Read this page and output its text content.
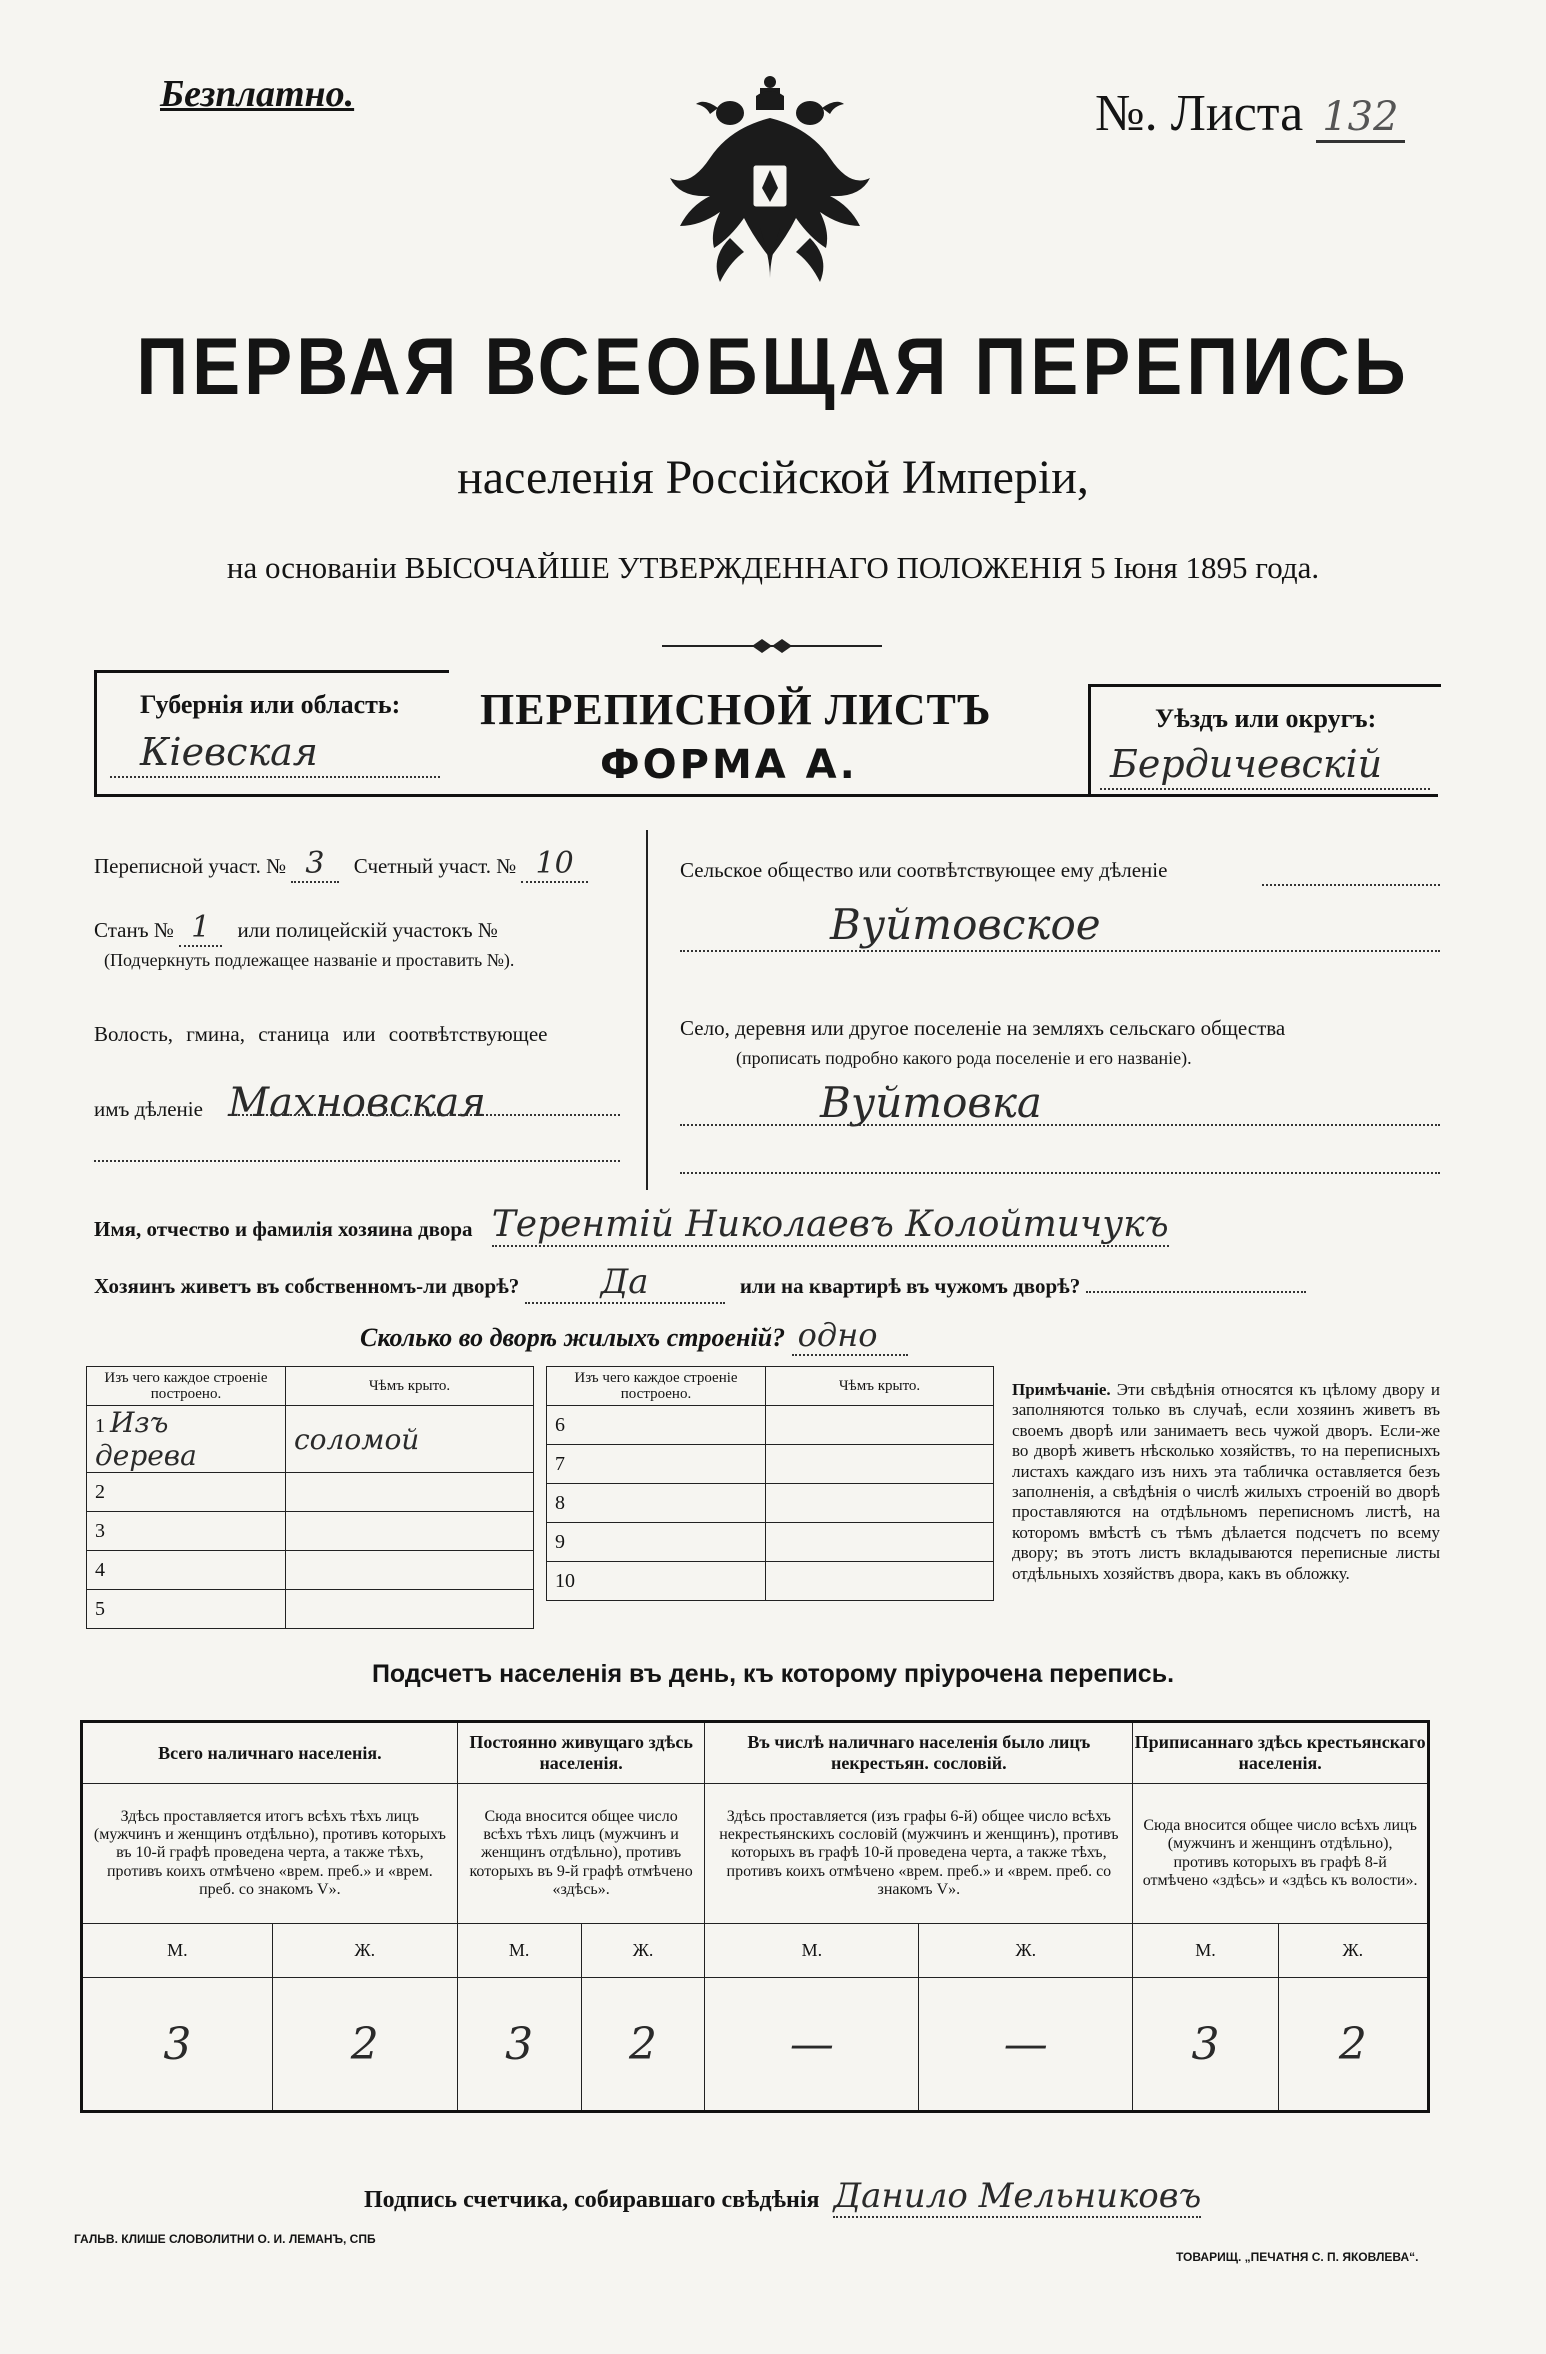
Безплатно.	№. Листа 132
ПЕРВАЯ ВСЕОБЩАЯ ПЕРЕПИСЬ
населенія Россійской Имперіи,
на основаніи ВЫСОЧАЙШЕ УТВЕРЖДЕННАГО ПОЛОЖЕНІЯ 5 Іюня 1895 года.
Губернія или область:
Кіевская
ПЕРЕПИСНОЙ ЛИСТЪ
ФОРМА А.
Уѣздъ или округъ:
Бердичевскій
Переписной участ. № 3 Счетный участ. № 10
Станъ № 1 или полицейскій участокъ №
(Подчеркнуть подлежащее названіе и проставить №).
Волость, гмина, станица или соотвѣтствующее
имъ дѣленіе Махновская
Сельское общество или соотвѣтствующее ему дѣленіе
Вуйтовское
Село, деревня или другое поселеніе на земляхъ сельскаго общества
(прописать подробно какого рода поселеніе и его названіе).
Вуйтовка
Имя, отчество и фамилія хозяина двора Терентій Николаевъ Колойтичукъ
Хозяинъ живетъ въ собственномъ-ли дворѣ? Да	или на квартирѣ въ чужомъ дворѣ?
Сколько во дворѣ жилыхъ строеній? одно
Изъ чего каждое строеніе построено.	Чѣмъ крыто.
1 Изъ дерева	соломой
2	
3	
4	
5	
Изъ чего каждое строеніе построено.	Чѣмъ крыто.
6	
7	
8	
9	
10	
Примѣчаніе. Эти свѣдѣнія относятся къ цѣлому двору и заполняются только въ случаѣ, если хозяинъ живетъ въ своемъ дворѣ или занимаетъ весь чужой дворъ. Если-же во дворѣ живетъ нѣсколько хозяйствъ, то на переписныхъ листахъ каждаго изъ нихъ эта табличка оставляется безъ заполненія, а свѣдѣнія о числѣ жилыхъ строеній во дворѣ проставляются на отдѣльномъ переписномъ листѣ, на которомъ вмѣстѣ съ тѣмъ дѣлается подсчетъ по всему двору; въ этотъ листъ вкладываются переписные листы отдѣльныхъ хозяйствъ двора, какъ въ обложку.
Подсчетъ населенія въ день, къ которому пріурочена перепись.
Всего наличнаго населенія.		Постоянно живущаго здѣсь населенія.		Въ числѣ наличнаго населенія было лицъ некрестьян. сословій.		Приписаннаго здѣсь крестьянскаго населенія.	
Здѣсь проставляется итогъ всѣхъ тѣхъ лицъ (мужчинъ и женщинъ отдѣльно), противъ которыхъ въ 10-й графѣ проведена черта, а также тѣхъ, противъ коихъ отмѣчено «врем. преб.» и «врем. преб. со знакомъ V».		Сюда вносится общее число всѣхъ тѣхъ лицъ (мужчинъ и женщинъ отдѣльно), противъ которыхъ въ 9-й графѣ отмѣчено «здѣсь».		Здѣсь проставляется (изъ графы 6-й) общее число всѣхъ некрестьянскихъ сословій (мужчинъ и женщинъ), противъ которыхъ въ графѣ 10-й проведена черта, а также тѣхъ, противъ коихъ отмѣчено «врем. преб.» и «врем. преб. со знакомъ V».		Сюда вносится общее число всѣхъ лицъ (мужчинъ и женщинъ отдѣльно), противъ которыхъ въ графѣ 8-й отмѣчено «здѣсь» и «здѣсь къ волости».	
М.	Ж.	М.	Ж.	М.	Ж.	М.	Ж.
3	2	3	2	—	—	3	2
Подпись счетчика, собиравшаго свѣдѣнія Данило Мельниковъ
ГАЛЬВ. КЛИШЕ СЛОВОЛИТНИ О. И. ЛЕМАНЪ, СПБ
ТОВАРИЩ. „ПЕЧАТНЯ С. П. ЯКОВЛЕВА“.
